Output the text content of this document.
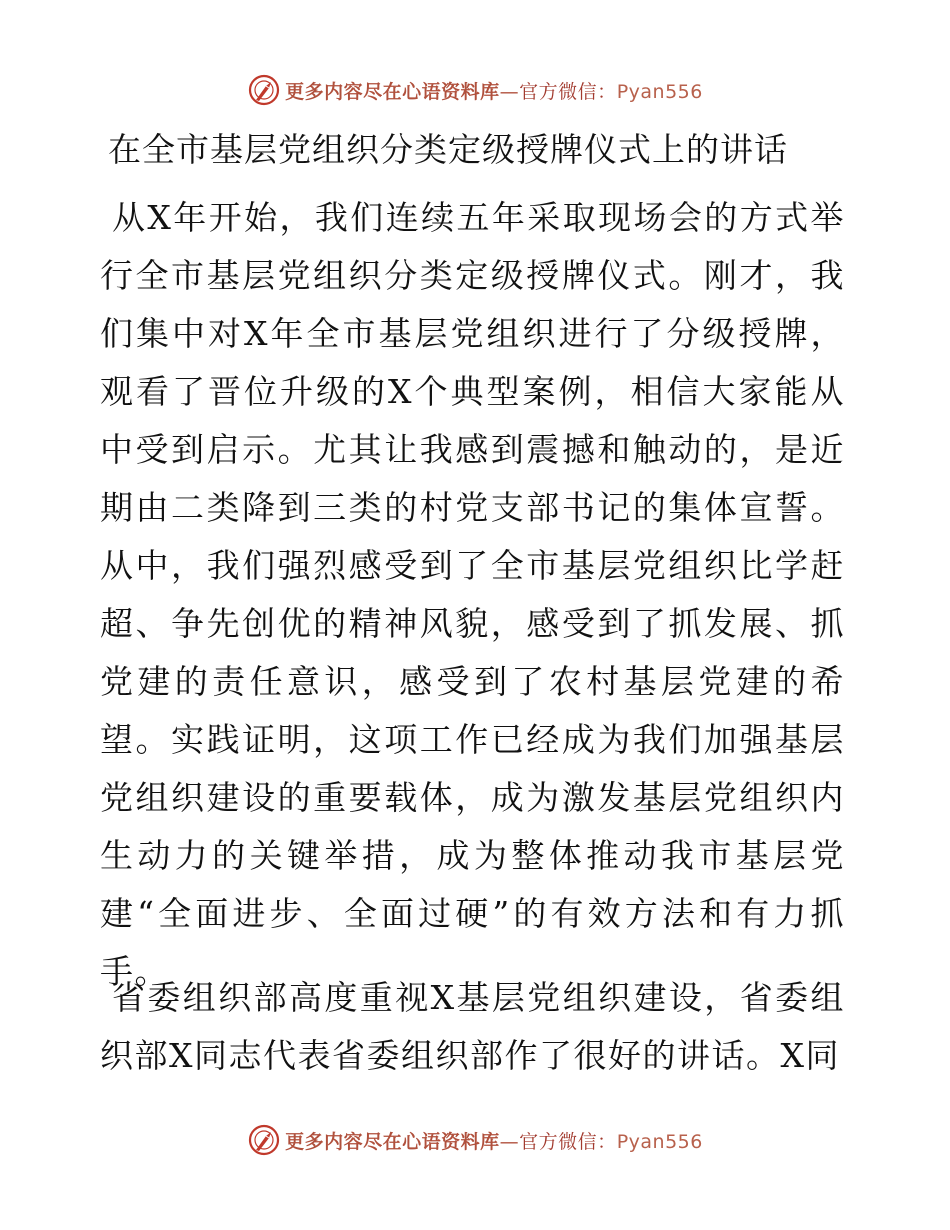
更多内容尽在心语资料库—官方微信：Pyan556
在全市基层党组织分类定级授牌仪式上的讲话

从X年开始，我们连续五年采取现场会的方式举行全市基层党组织分类定级授牌仪式。刚才，我们集中对X年全市基层党组织进行了分级授牌，观看了晋位升级的X个典型案例，相信大家能从中受到启示。尤其让我感到震撼和触动的，是近期由二类降到三类的村党支部书记的集体宣誓。从中，我们强烈感受到了全市基层党组织比学赶超、争先创优的精神风貌，感受到了抓发展、抓党建的责任意识，感受到了农村基层党建的希望。实践证明，这项工作已经成为我们加强基层党组织建设的重要载体，成为激发基层党组织内生动力的关键举措，成为整体推动我市基层党建“全面进步、全面过硬”的有效方法和有力抓手。

省委组织部高度重视X基层党组织建设，省委组织部X同志代表省委组织部作了很好的讲话。X同

更多内容尽在心语资料库—官方微信：Pyan556
